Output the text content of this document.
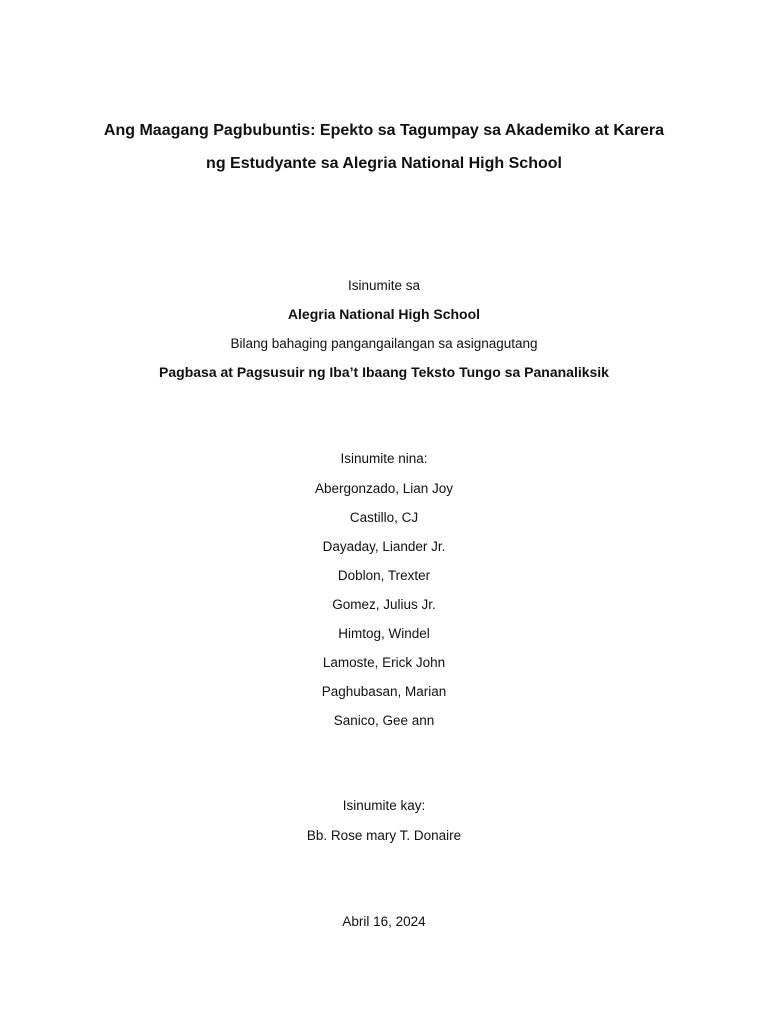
Ang Maagang Pagbubuntis: Epekto sa Tagumpay sa Akademiko at Karera
ng Estudyante sa Alegria National High School
Isinumite sa
Alegria National High School
Bilang bahaging pangangailangan sa asignagutang
Pagbasa at Pagsusuir ng Iba’t Ibaang Teksto Tungo sa Pananaliksik
Isinumite nina:
Abergonzado, Lian Joy
Castillo, CJ
Dayaday, Liander Jr.
Doblon, Trexter
Gomez, Julius Jr.
Himtog, Windel
Lamoste, Erick John
Paghubasan, Marian
Sanico, Gee ann
Isinumite kay:
Bb. Rose mary T. Donaire
Abril 16, 2024
